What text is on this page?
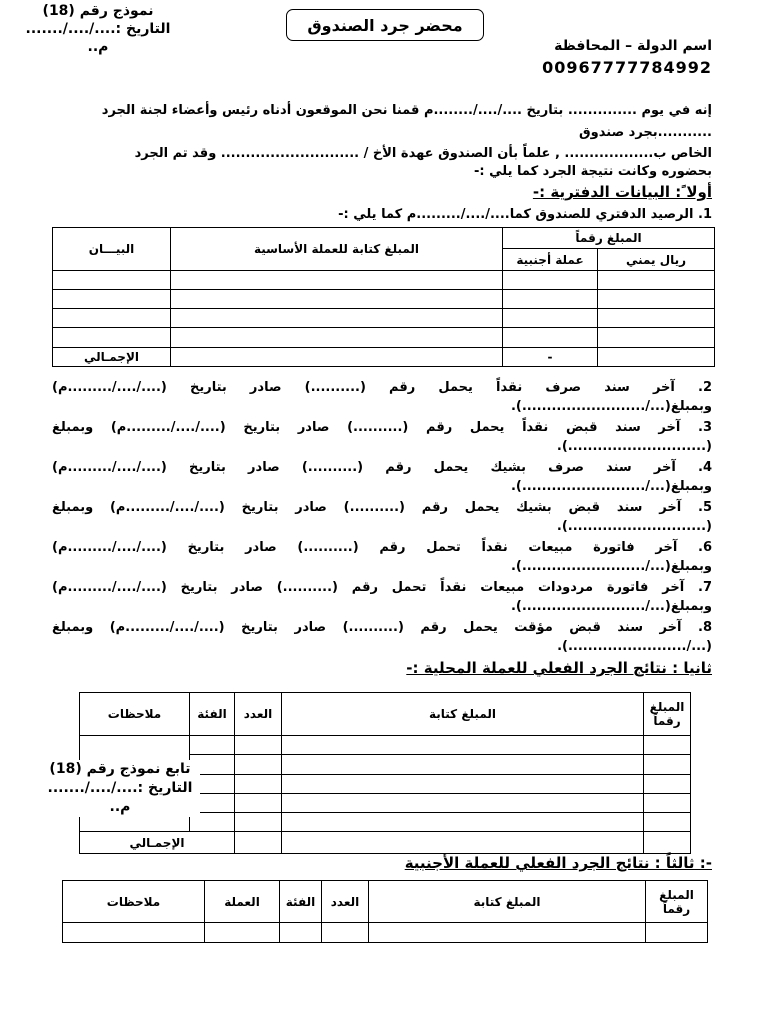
نموذج رقم (18)
التاريخ :..../..../.......
م..
محضر جرد الصندوق
اسم الدولة – المحافظة
00967777784992
إنه في يوم .............. بتاريخ ..../..../........م قمنا نحن الموقعون أدناه رئيس وأعضاء لجنة الجرد
...........بجرد صندوق
الخاص ب.................. , علماً بأن الصندوق عهدة الأخ / ............................ وقد تم الجرد
بحضوره وكانت نتيجة الجرد كما يلي :-
أولا ً: البيانات الدفترية :-
1. الرصيد الدفتري للصندوق كما..../..../.........م كما يلي :-
المبلغ رقماً		المبلغ كتابة للعملة الأساسية	البيـــان
ريال يمني	عملة أجنبية		

	-		الإجمـالي
2. آخر سند صرف نقداً يحمل رقم (..........) صادر بتاريخ (..../..../.........م) وبمبلغ(.../.........................).
3. آخر سند قبض نقداً يحمل رقم (..........) صادر بتاريخ (..../..../.........م) وبمبلغ (............................).
4. آخر سند صرف بشيك يحمل رقم (..........) صادر بتاريخ (..../..../.........م) وبمبلغ(.../.........................).
5. آخر سند قبض بشيك يحمل رقم (..........) صادر بتاريخ (..../..../.........م) وبمبلغ (............................).
6. آخر فاتورة مبيعات نقداً تحمل رقم (..........) صادر بتاريخ (..../..../.........م) وبمبلغ(.../.........................).
7. آخر فاتورة مردودات مبيعات نقداً تحمل رقم (..........) صادر بتاريخ (..../..../.........م) وبمبلغ(.../.........................).
8. آخر سند قبض مؤقت يحمل رقم (..........) صادر بتاريخ (..../..../.........م) وبمبلغ (.../........................).
ثانيا : نتائج الجرد الفعلي للعملة المحلية :-
المبلغ رقماً	المبلغ كتابة	العدد	الفئة	ملاحظات

			الإجمـالي	
تابع نموذج رقم (18)
التاريخ :..../..../.......
م..
-: ثالثاً : نتائج الجرد الفعلي للعملة الأجنبية
المبلغ رقماً	المبلغ كتابة	العدد	الفئة	العملة	ملاحظات
